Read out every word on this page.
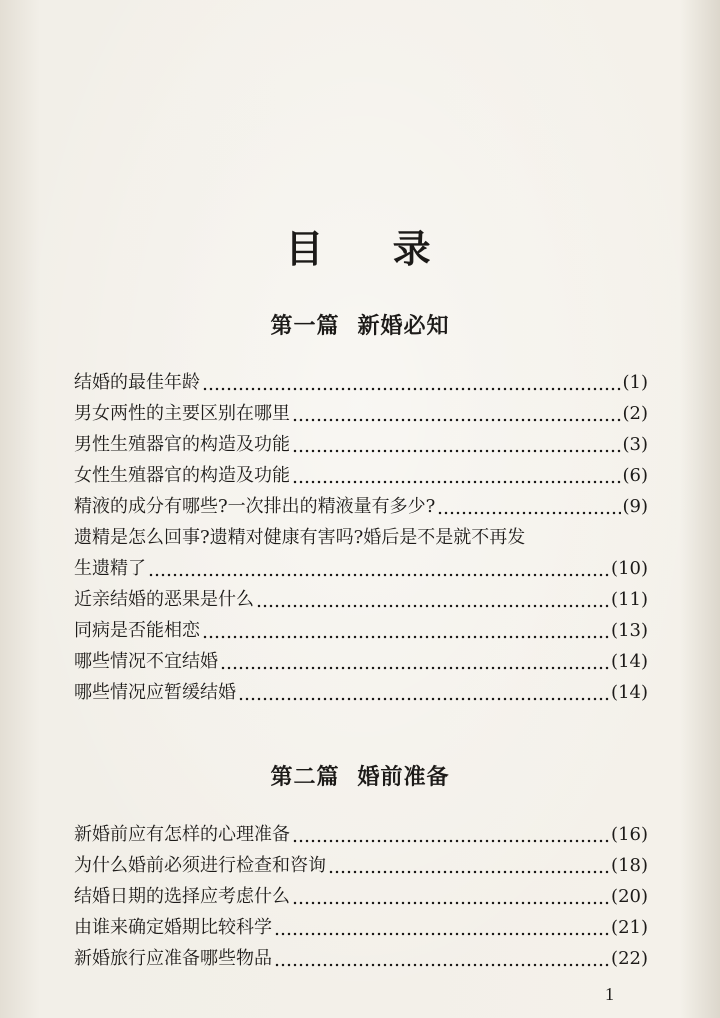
目 录
第一篇 新婚必知
结婚的最佳年龄	(1)
男女两性的主要区别在哪里	(2)
男性生殖器官的构造及功能	(3)
女性生殖器官的构造及功能	(6)
精液的成分有哪些?一次排出的精液量有多少?	(9)
遗精是怎么回事?遗精对健康有害吗?婚后是不是就不再发
生遗精了	(10)
近亲结婚的恶果是什么	(11)
同病是否能相恋	(13)
哪些情况不宜结婚	(14)
哪些情况应暂缓结婚	(14)
第二篇 婚前准备
新婚前应有怎样的心理准备	(16)
为什么婚前必须进行检查和咨询	(18)
结婚日期的选择应考虑什么	(20)
由谁来确定婚期比较科学	(21)
新婚旅行应准备哪些物品	(22)
1
